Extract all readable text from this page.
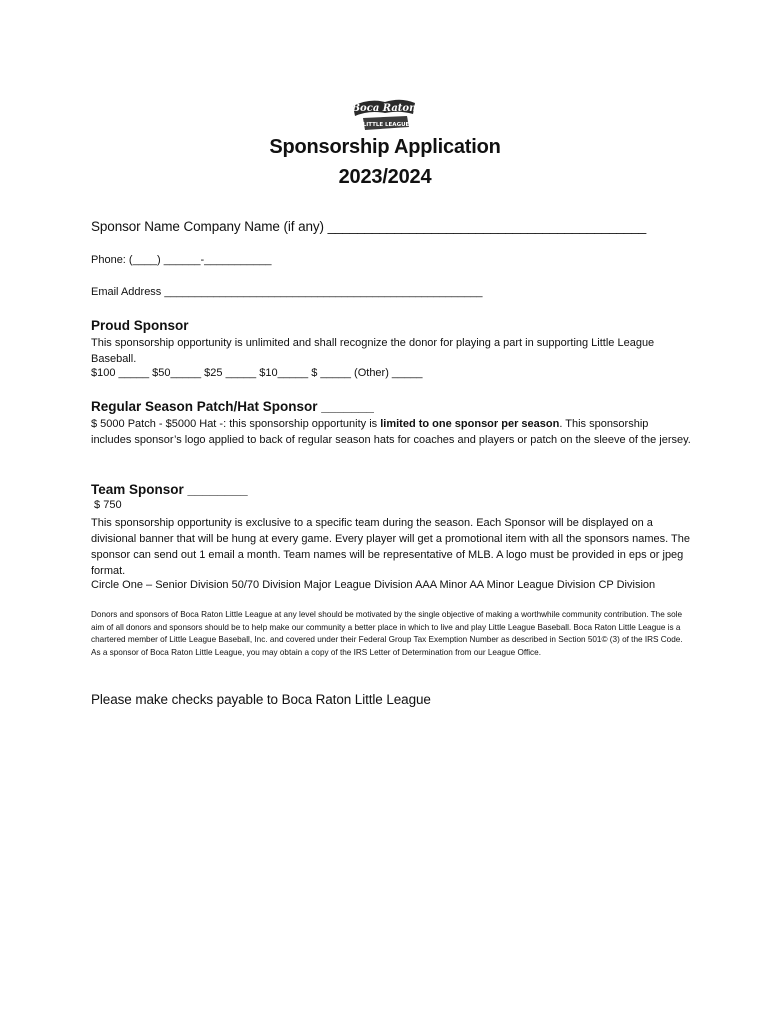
Boca Raton
LITTLE LEAGUE
Sponsorship Application
2023/2024
Sponsor Name Company Name (if any) ___________________________________________
Phone: (____) ______-___________
Email Address ____________________________________________________
Proud Sponsor
This sponsorship opportunity is unlimited and shall recognize the donor for playing a part in supporting Little League Baseball.
$100 _____ $50_____ $25 _____ $10_____ $ _____ (Other) _____
Regular Season Patch/Hat Sponsor _______
$ 5000 Patch - $5000 Hat -: this sponsorship opportunity is limited to one sponsor per season. This sponsorship includes sponsor’s logo applied to back of regular season hats for coaches and players or patch on the sleeve of the jersey.
Team Sponsor ________
$ 750
This sponsorship opportunity is exclusive to a specific team during the season. Each Sponsor will be displayed on a divisional banner that will be hung at every game. Every player will get a promotional item with all the sponsors names. The sponsor can send out 1 email a month. Team names will be representative of MLB. A logo must be provided in eps or jpeg format.
Circle One – Senior Division 50/70 Division Major League Division AAA Minor AA Minor League Division CP Division
Donors and sponsors of Boca Raton Little League at any level should be motivated by the single objective of making a worthwhile community contribution. The sole aim of all donors and sponsors should be to help make our community a better place in which to live and play Little League Baseball. Boca Raton Little League is a chartered member of Little League Baseball, Inc. and covered under their Federal Group Tax Exemption Number as described in Section 501© (3) of the IRS Code. As a sponsor of Boca Raton Little League, you may obtain a copy of the IRS Letter of Determination from our League Office.
Please make checks payable to Boca Raton Little League
